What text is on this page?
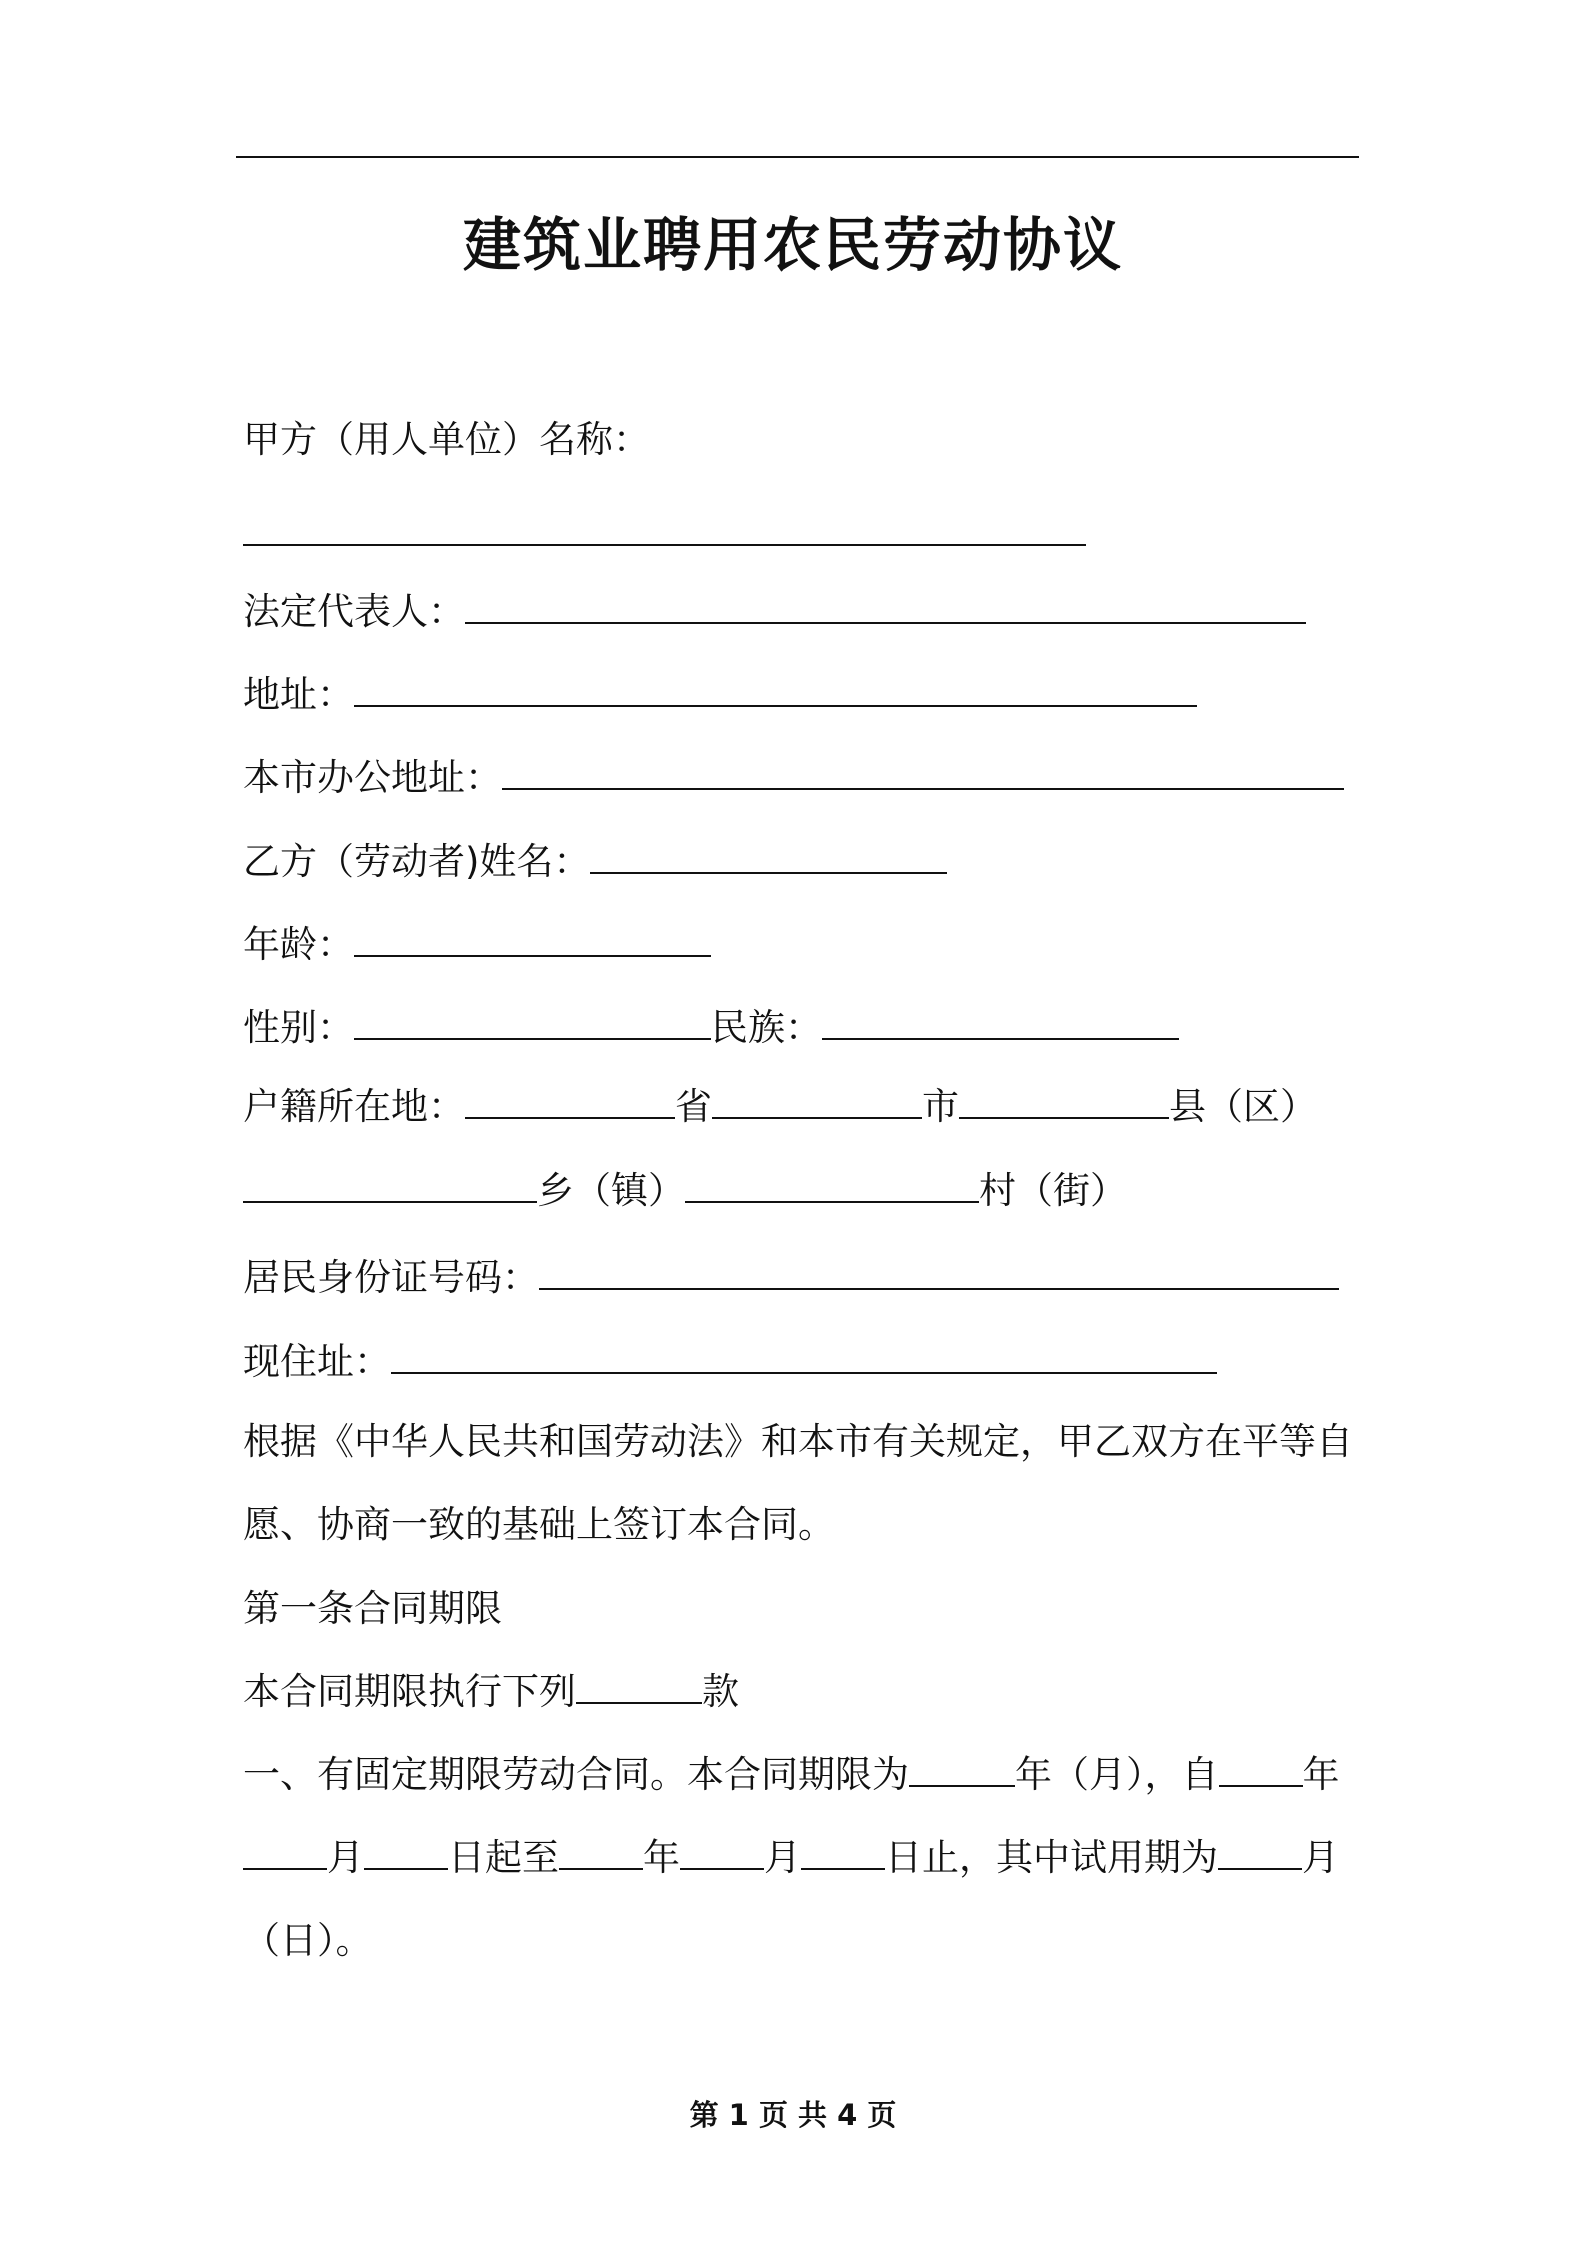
建筑业聘用农民劳动协议
甲方（用人单位）名称：
法定代表人：
地址：
本市办公地址：
乙方（劳动者)姓名：
年龄：
性别：	民族：
户籍所在地：	省	市	县（区）
乡（镇）	村（街）
居民身份证号码：
现住址：
根据《中华人民共和国劳动法》和本市有关规定，甲乙双方在平等自
愿、协商一致的基础上签订本合同。
第一条合同期限
本合同期限执行下列	款
一、有固定期限劳动合同。本合同期限为	年（月），自 年
月 日起至 年 月 日止，其中试用期为 月
（日）。
第 1 页 共 4 页
